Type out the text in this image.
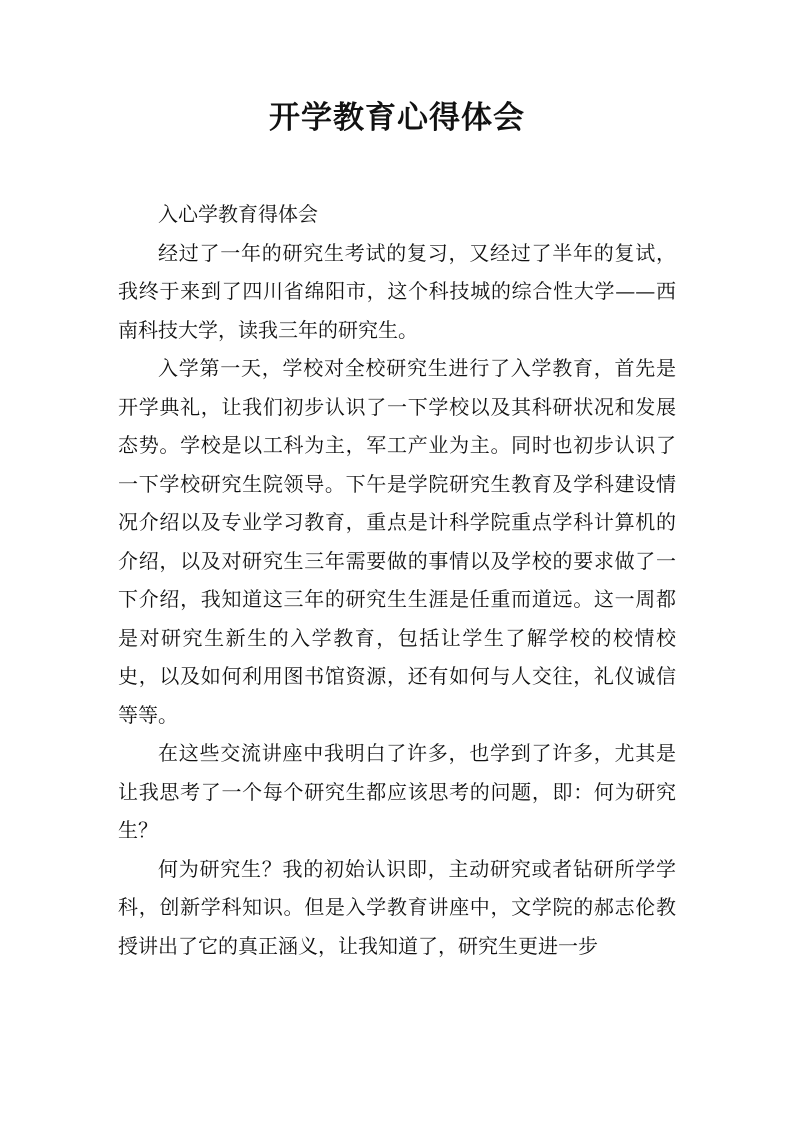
开学教育心得体会

入心学教育得体会

经过了一年的研究生考试的复习，又经过了半年的复试，我终于来到了四川省绵阳市，这个科技城的综合性大学——西南科技大学，读我三年的研究生。

入学第一天，学校对全校研究生进行了入学教育，首先是开学典礼，让我们初步认识了一下学校以及其科研状况和发展态势。学校是以工科为主，军工产业为主。同时也初步认识了一下学校研究生院领导。下午是学院研究生教育及学科建设情况介绍以及专业学习教育，重点是计科学院重点学科计算机的介绍，以及对研究生三年需要做的事情以及学校的要求做了一下介绍，我知道这三年的研究生生涯是任重而道远。这一周都是对研究生新生的入学教育，包括让学生了解学校的校情校史，以及如何利用图书馆资源，还有如何与人交往，礼仪诚信等等。

在这些交流讲座中我明白了许多，也学到了许多，尤其是让我思考了一个每个研究生都应该思考的问题，即：何为研究生？

何为研究生？我的初始认识即，主动研究或者钻研所学学科，创新学科知识。但是入学教育讲座中，文学院的郝志伦教授讲出了它的真正涵义，让我知道了，研究生更进一步
